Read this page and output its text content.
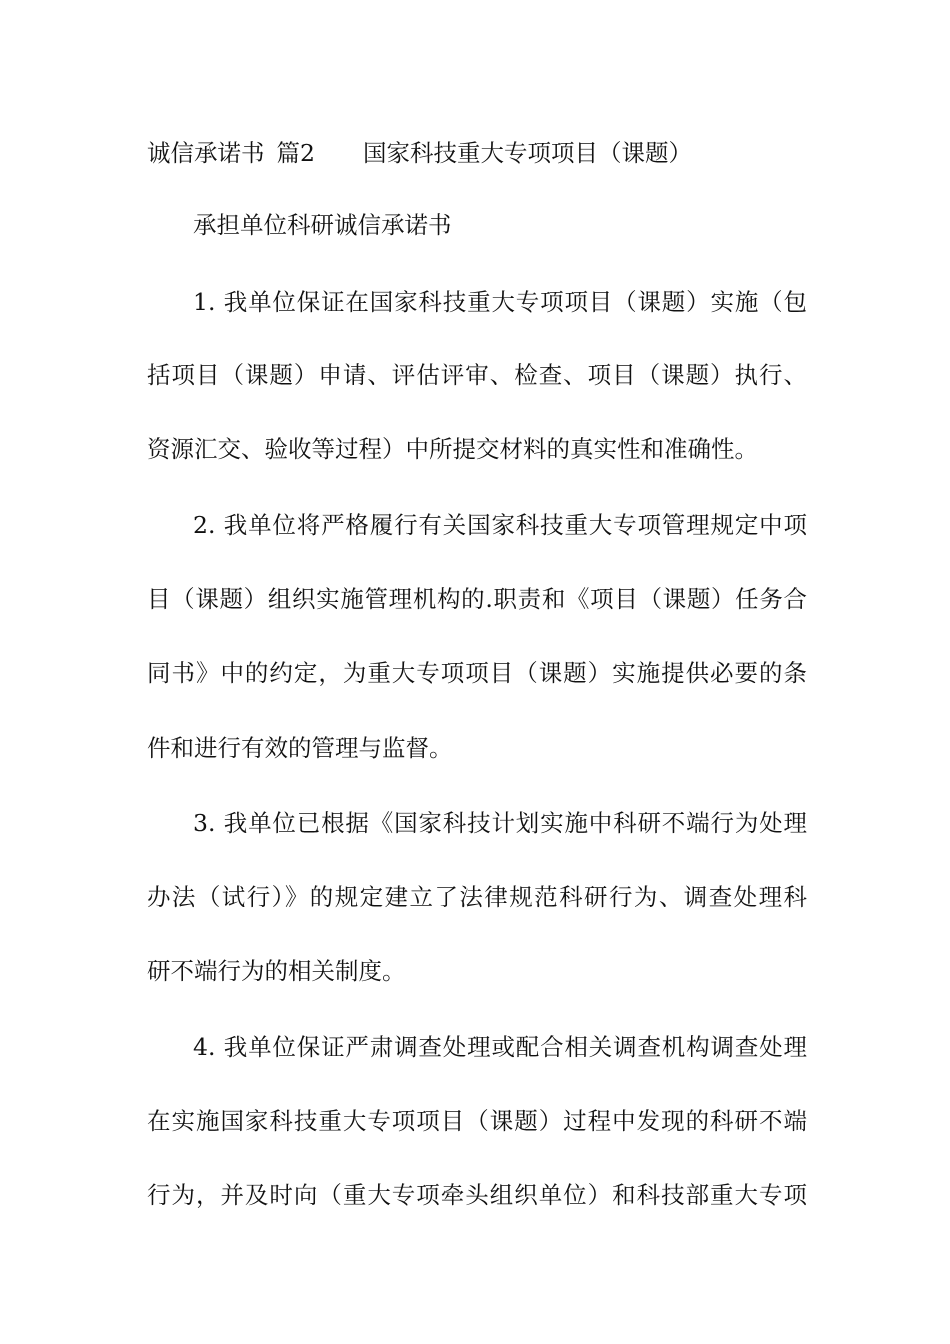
诚信承诺书 篇2 国家科技重大专项项目（课题）
承担单位科研诚信承诺书
1. 我单位保证在国家科技重大专项项目（课题）实施（包
括项目（课题）申请、评估评审、检查、项目（课题）执行、
资源汇交、验收等过程）中所提交材料的真实性和准确性。
2. 我单位将严格履行有关国家科技重大专项管理规定中项
目（课题）组织实施管理机构的.职责和《项目（课题）任务合
同书》中的约定，为重大专项项目（课题）实施提供必要的条
件和进行有效的管理与监督。
3. 我单位已根据《国家科技计划实施中科研不端行为处理
办法（试行）》的规定建立了法律规范科研行为、调查处理科
研不端行为的相关制度。
4. 我单位保证严肃调查处理或配合相关调查机构调查处理
在实施国家科技重大专项项目（课题）过程中发现的科研不端
行为，并及时向（重大专项牵头组织单位）和科技部重大专项
